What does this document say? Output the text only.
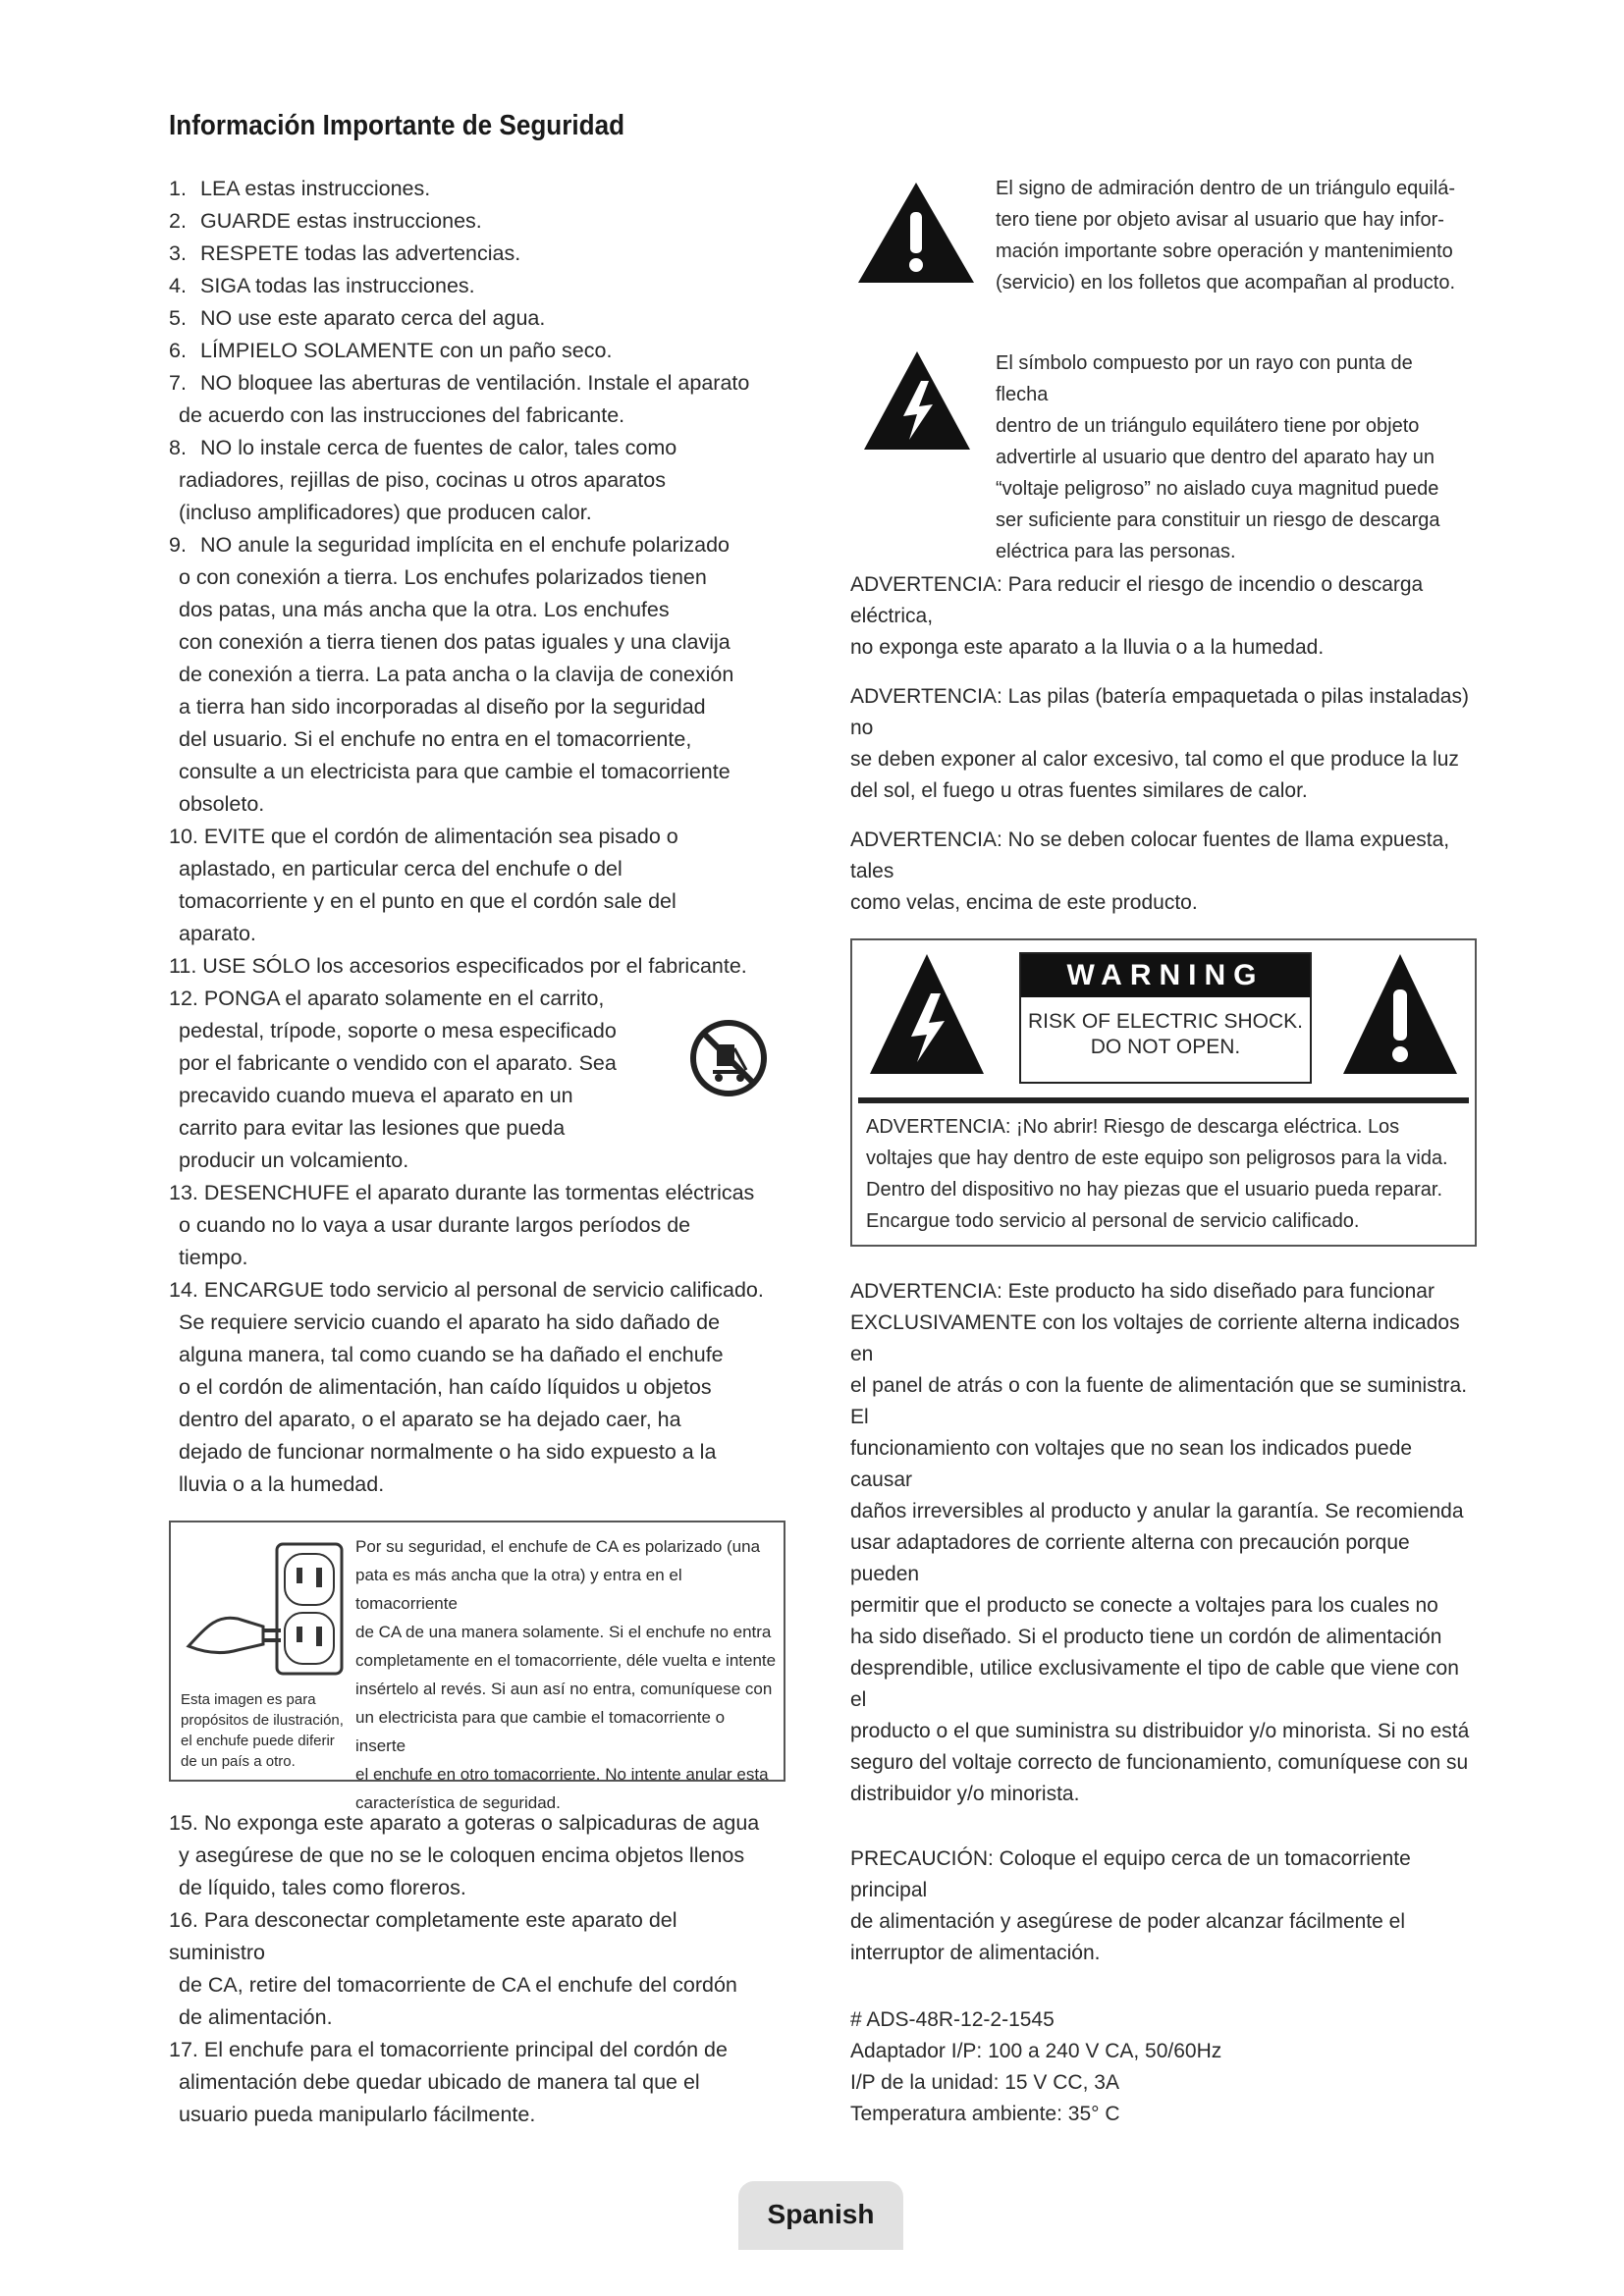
Información Importante de Seguridad
1. LEA estas instrucciones.
2. GUARDE estas instrucciones.
3. RESPETE todas las advertencias.
4. SIGA todas las instrucciones.
5. NO use este aparato cerca del agua.
6. LÍMPIELO SOLAMENTE con un paño seco.
7. NO bloquee las aberturas de ventilación. Instale el aparato
de acuerdo con las instrucciones del fabricante.
8. NO lo instale cerca de fuentes de calor, tales como
radiadores, rejillas de piso, cocinas u otros aparatos
(incluso amplificadores) que producen calor.
9. NO anule la seguridad implícita en el enchufe polarizado
o con conexión a tierra. Los enchufes polarizados tienen
dos patas, una más ancha que la otra. Los enchufes
con conexión a tierra tienen dos patas iguales y una clavija
de conexión a tierra. La pata ancha o la clavija de conexión
a tierra han sido incorporadas al diseño por la seguridad
del usuario. Si el enchufe no entra en el tomacorriente,
consulte a un electricista para que cambie el tomacorriente
obsoleto.
10. EVITE que el cordón de alimentación sea pisado o
aplastado, en particular cerca del enchufe o del
tomacorriente y en el punto en que el cordón sale del
aparato.
11. USE SÓLO los accesorios especificados por el fabricante.
12. PONGA el aparato solamente en el carrito,
pedestal, trípode, soporte o mesa especificado
por el fabricante o vendido con el aparato. Sea
precavido cuando mueva el aparato en un
carrito para evitar las lesiones que pueda
producir un volcamiento.
13. DESENCHUFE el aparato durante las tormentas eléctricas
o cuando no lo vaya a usar durante largos períodos de
tiempo.
14. ENCARGUE todo servicio al personal de servicio calificado.
Se requiere servicio cuando el aparato ha sido dañado de
alguna manera, tal como cuando se ha dañado el enchufe
o el cordón de alimentación, han caído líquidos u objetos
dentro del aparato, o el aparato se ha dejado caer, ha
dejado de funcionar normalmente o ha sido expuesto a la
lluvia o a la humedad.
Esta imagen es para
propósitos de ilustración,
el enchufe puede diferir
de un país a otro.
Por su seguridad, el enchufe de CA es polarizado (una
pata es más ancha que la otra) y entra en el tomacorriente
de CA de una manera solamente. Si el enchufe no entra
completamente en el tomacorriente, déle vuelta e intente
insértelo al revés. Si aun así no entra, comuníquese con
un electricista para que cambie el tomacorriente o inserte
el enchufe en otro tomacorriente. No intente anular esta
característica de seguridad.
15. No exponga este aparato a goteras o salpicaduras de agua
y asegúrese de que no se le coloquen encima objetos llenos
de líquido, tales como floreros.
16. Para desconectar completamente este aparato del suministro
de CA, retire del tomacorriente de CA el enchufe del cordón
de alimentación.
17. El enchufe para el tomacorriente principal del cordón de
alimentación debe quedar ubicado de manera tal que el
usuario pueda manipularlo fácilmente.
El signo de admiración dentro de un triángulo equilá-
tero tiene por objeto avisar al usuario que hay infor-
mación importante sobre operación y mantenimiento
(servicio) en los folletos que acompañan al producto.
El símbolo compuesto por un rayo con punta de flecha
dentro de un triángulo equilátero tiene por objeto
advertirle al usuario que dentro del aparato hay un
“voltaje peligroso” no aislado cuya magnitud puede
ser suficiente para constituir un riesgo de descarga
eléctrica para las personas.
ADVERTENCIA: Para reducir el riesgo de incendio o descarga eléctrica,
no exponga este aparato a la lluvia o a la humedad.
ADVERTENCIA: Las pilas (batería empaquetada o pilas instaladas) no
se deben exponer al calor excesivo, tal como el que produce la luz
del sol, el fuego u otras fuentes similares de calor.
ADVERTENCIA: No se deben colocar fuentes de llama expuesta, tales
como velas, encima de este producto.
WARNING
RISK OF ELECTRIC SHOCK.
DO NOT OPEN.
ADVERTENCIA: ¡No abrir! Riesgo de descarga eléctrica. Los
voltajes que hay dentro de este equipo son peligrosos para la vida.
Dentro del dispositivo no hay piezas que el usuario pueda reparar.
Encargue todo servicio al personal de servicio calificado.
ADVERTENCIA: Este producto ha sido diseñado para funcionar
EXCLUSIVAMENTE con los voltajes de corriente alterna indicados en
el panel de atrás o con la fuente de alimentación que se suministra. El
funcionamiento con voltajes que no sean los indicados puede causar
daños irreversibles al producto y anular la garantía. Se recomienda
usar adaptadores de corriente alterna con precaución porque pueden
permitir que el producto se conecte a voltajes para los cuales no
ha sido diseñado. Si el producto tiene un cordón de alimentación
desprendible, utilice exclusivamente el tipo de cable que viene con el
producto o el que suministra su distribuidor y/o minorista. Si no está
seguro del voltaje correcto de funcionamiento, comuníquese con su
distribuidor y/o minorista.
PRECAUCIÓN: Coloque el equipo cerca de un tomacorriente principal
de alimentación y asegúrese de poder alcanzar fácilmente el
interruptor de alimentación.
# ADS-48R-12-2-1545
Adaptador I/P: 100 a 240 V CA, 50/60Hz
I/P de la unidad: 15 V CC, 3A
Temperatura ambiente: 35° C
Spanish
